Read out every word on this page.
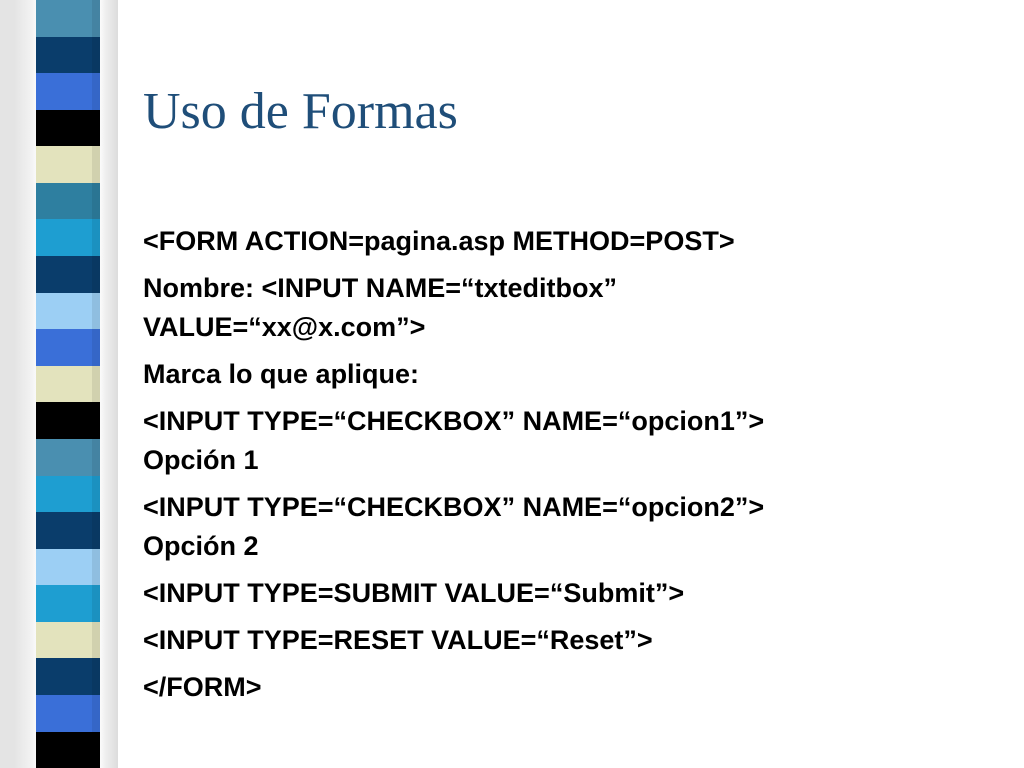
Uso de Formas
<FORM ACTION=pagina.asp METHOD=POST>
Nombre: <INPUT NAME=“txteditbox”
VALUE=“xx@x.com”>
Marca lo que aplique:
<INPUT TYPE=“CHECKBOX” NAME=“opcion1”>
Opción 1
<INPUT TYPE=“CHECKBOX” NAME=“opcion2”>
Opción 2
<INPUT TYPE=SUBMIT VALUE=“Submit”>
<INPUT TYPE=RESET VALUE=“Reset”>
</FORM>
